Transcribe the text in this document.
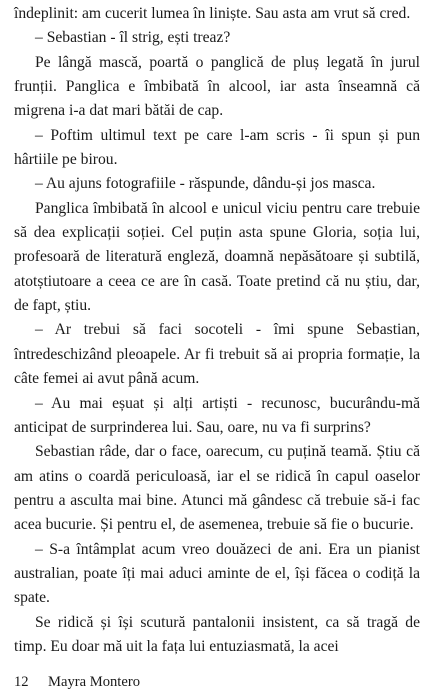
îndeplinit: am cucerit lumea în liniște. Sau asta am vrut să cred.

– Sebastian - îl strig, ești treaz?

Pe lângă mască, poartă o panglică de pluș legată în jurul frunții. Panglica e îmbibată în alcool, iar asta înseamnă că migrena i-a dat mari bătăi de cap.

– Poftim ultimul text pe care l-am scris - îi spun și pun hârtiile pe birou.

– Au ajuns fotografiile - răspunde, dându-și jos masca.

Panglica îmbibată în alcool e unicul viciu pentru care trebuie să dea explicații soției. Cel puțin asta spune Gloria, soția lui, profesoară de literatură engleză, doamnă nepăsătoare și subtilă, atotștiutoare a ceea ce are în casă. Toate pretind că nu știu, dar, de fapt, știu.

– Ar trebui să faci socoteli - îmi spune Sebastian, întredeschizând pleoapele. Ar fi trebuit să ai propria formație, la câte femei ai avut până acum.

– Au mai eșuat și alți artiști - recunosc, bucurându-mă anticipat de surprinderea lui. Sau, oare, nu va fi surprins?

Sebastian râde, dar o face, oarecum, cu puțină teamă. Știu că am atins o coardă periculoasă, iar el se ridică în capul oaselor pentru a asculta mai bine. Atunci mă gândesc că trebuie să-i fac acea bucurie. Și pentru el, de asemenea, trebuie să fie o bucurie.

– S-a întâmplat acum vreo douăzeci de ani. Era un pianist australian, poate îți mai aduci aminte de el, își făcea o codiță la spate.

Se ridică și își scutură pantalonii insistent, ca să tragă de timp. Eu doar mă uit la fața lui entuziasmată, la acei

12 Mayra Montero
